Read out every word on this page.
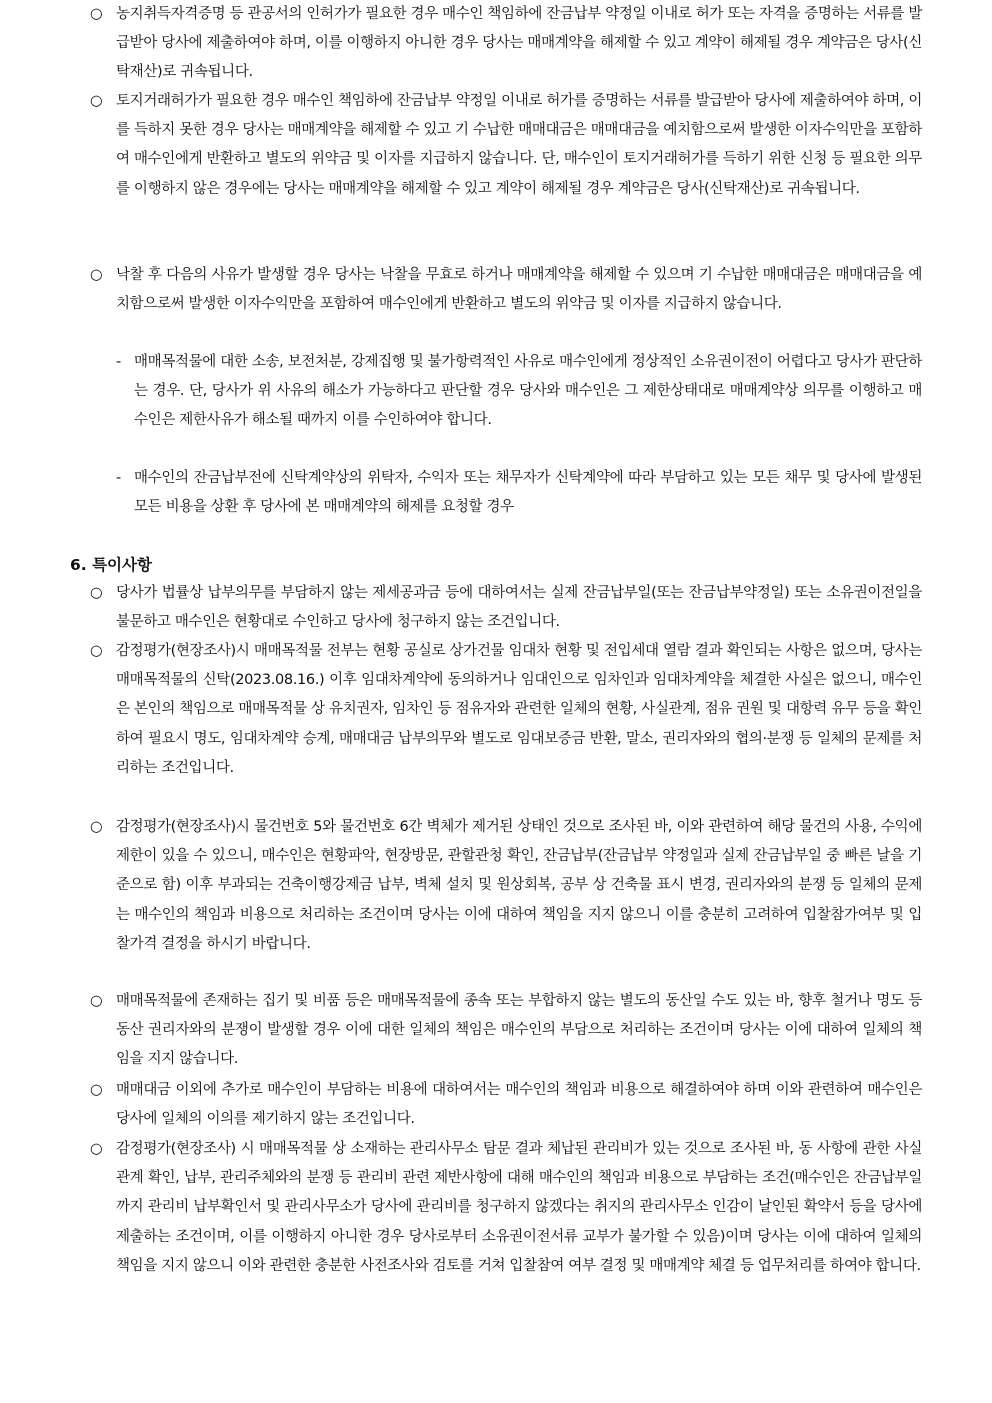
○ 농지취득자격증명 등 관공서의 인허가가 필요한 경우 매수인 책임하에 잔금납부 약정일 이내로 허가 또는 자격을 증명하는 서류를 발급받아 당사에 제출하여야 하며, 이를 이행하지 아니한 경우 당사는 매매계약을 해제할 수 있고 계약이 해제될 경우 계약금은 당사(신탁재산)로 귀속됩니다.
○ 토지거래허가가 필요한 경우 매수인 책임하에 잔금납부 약정일 이내로 허가를 증명하는 서류를 발급받아 당사에 제출하여야 하며, 이를 득하지 못한 경우 당사는 매매계약을 해제할 수 있고 기 수납한 매매대금은 매매대금을 예치함으로써 발생한 이자수익만을 포함하여 매수인에게 반환하고 별도의 위약금 및 이자를 지급하지 않습니다. 단, 매수인이 토지거래허가를 득하기 위한 신청 등 필요한 의무를 이행하지 않은 경우에는 당사는 매매계약을 해제할 수 있고 계약이 해제될 경우 계약금은 당사(신탁재산)로 귀속됩니다.
○ 낙찰 후 다음의 사유가 발생할 경우 당사는 낙찰을 무효로 하거나 매매계약을 해제할 수 있으며 기 수납한 매매대금은 매매대금을 예치함으로써 발생한 이자수익만을 포함하여 매수인에게 반환하고 별도의 위약금 및 이자를 지급하지 않습니다.
- 매매목적물에 대한 소송, 보전처분, 강제집행 및 불가항력적인 사유로 매수인에게 정상적인 소유권이전이 어렵다고 당사가 판단하는 경우. 단, 당사가 위 사유의 해소가 가능하다고 판단할 경우 당사와 매수인은 그 제한상태대로 매매계약상 의무를 이행하고 매수인은 제한사유가 해소될 때까지 이를 수인하여야 합니다.
- 매수인의 잔금납부전에 신탁계약상의 위탁자, 수익자 또는 채무자가 신탁계약에 따라 부담하고 있는 모든 채무 및 당사에 발생된 모든 비용을 상환 후 당사에 본 매매계약의 해제를 요청할 경우
6. 특이사항
○ 당사가 법률상 납부의무를 부담하지 않는 제세공과금 등에 대하여서는 실제 잔금납부일(또는 잔금납부약정일) 또는 소유권이전일을 불문하고 매수인은 현황대로 수인하고 당사에 청구하지 않는 조건입니다.
○ 감정평가(현장조사)시 매매목적물 전부는 현황 공실로 상가건물 임대차 현황 및 전입세대 열람 결과 확인되는 사항은 없으며, 당사는 매매목적물의 신탁(2023.08.16.) 이후 임대차계약에 동의하거나 임대인으로 임차인과 임대차계약을 체결한 사실은 없으니, 매수인은 본인의 책임으로 매매목적물 상 유치권자, 임차인 등 점유자와 관련한 일체의 현황, 사실관계, 점유 권원 및 대항력 유무 등을 확인하여 필요시 명도, 임대차계약 승계, 매매대금 납부의무와 별도로 임대보증금 반환, 말소, 권리자와의 협의·분쟁 등 일체의 문제를 처리하는 조건입니다.
○ 감정평가(현장조사)시 물건번호 5와 물건번호 6간 벽체가 제거된 상태인 것으로 조사된 바, 이와 관련하여 해당 물건의 사용, 수익에 제한이 있을 수 있으니, 매수인은 현황파악, 현장방문, 관할관청 확인, 잔금납부(잔금납부 약정일과 실제 잔금납부일 중 빠른 날을 기준으로 함) 이후 부과되는 건축이행강제금 납부, 벽체 설치 및 원상회복, 공부 상 건축물 표시 변경, 권리자와의 분쟁 등 일체의 문제는 매수인의 책임과 비용으로 처리하는 조건이며 당사는 이에 대하여 책임을 지지 않으니 이를 충분히 고려하여 입찰참가여부 및 입찰가격 결정을 하시기 바랍니다.
○ 매매목적물에 존재하는 집기 및 비품 등은 매매목적물에 종속 또는 부합하지 않는 별도의 동산일 수도 있는 바, 향후 철거나 명도 등 동산 권리자와의 분쟁이 발생할 경우 이에 대한 일체의 책임은 매수인의 부담으로 처리하는 조건이며 당사는 이에 대하여 일체의 책임을 지지 않습니다.
○ 매매대금 이외에 추가로 매수인이 부담하는 비용에 대하여서는 매수인의 책임과 비용으로 해결하여야 하며 이와 관련하여 매수인은 당사에 일체의 이의를 제기하지 않는 조건입니다.
○ 감정평가(현장조사) 시 매매목적물 상 소재하는 관리사무소 탐문 결과 체납된 관리비가 있는 것으로 조사된 바, 동 사항에 관한 사실관계 확인, 납부, 관리주체와의 분쟁 등 관리비 관련 제반사항에 대해 매수인의 책임과 비용으로 부담하는 조건(매수인은 잔금납부일까지 관리비 납부확인서 및 관리사무소가 당사에 관리비를 청구하지 않겠다는 취지의 관리사무소 인감이 날인된 확약서 등을 당사에 제출하는 조건이며, 이를 이행하지 아니한 경우 당사로부터 소유권이전서류 교부가 불가할 수 있음)이며 당사는 이에 대하여 일체의 책임을 지지 않으니 이와 관련한 충분한 사전조사와 검토를 거쳐 입찰참여 여부 결정 및 매매계약 체결 등 업무처리를 하여야 합니다.
